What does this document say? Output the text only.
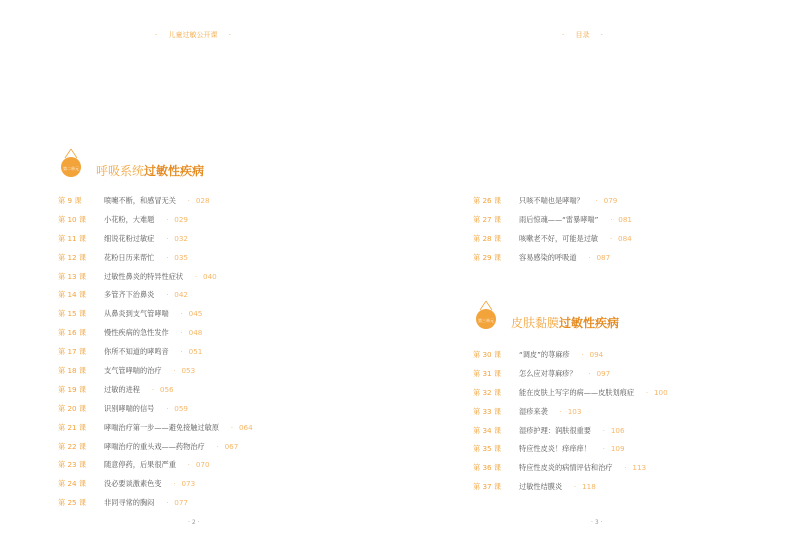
· 儿童过敏公开课 ·
第二单元	呼吸系统过敏性疾病
第 9 课	喷嚏不断，和感冒无关 · 028
第 10 课 小花粉，大难题 · 029
第 11 课 细说花粉过敏症 · 032
第 12 课 花粉日历来帮忙 · 035
第 13 课 过敏性鼻炎的特异性症状 · 040
第 14 课 多管齐下治鼻炎 · 042
第 15 课 从鼻炎到支气管哮喘 · 045
第 16 课 慢性疾病的急性发作 · 048
第 17 课 你所不知道的哮鸣音 · 051
第 18 课 支气管哮喘的治疗 · 053
第 19 课 过敏的进程 · 056
第 20 课 识别哮喘的信号 · 059
第 21 课 哮喘治疗第一步——避免接触过敏原 · 064
第 22 课 哮喘治疗的重头戏——药物治疗 · 067
第 23 课 随意停药，后果很严重 · 070
第 24 课 没必要谈激素色变 · 073
第 25 课 非同寻常的胸闷 · 077
· 2 ·
· 目录 ·
第 26 课 只咳不喘也是哮喘？ · 079
第 27 课 雨后惊魂——“雷暴哮喘” · 081
第 28 课 咳嗽老不好，可能是过敏 · 084
第 29 课 容易感染的呼吸道 · 087
第三单元	皮肤黏膜过敏性疾病
第 30 课 “调皮”的荨麻疹 · 094
第 31 课 怎么应对荨麻疹？ · 097
第 32 课 能在皮肤上写字的病——皮肤划痕症 · 100
第 33 课 湿疹来袭 · 103
第 34 课 湿疹护理：润肤很重要 · 106
第 35 课 特应性皮炎！痒痒痒！ · 109
第 36 课 特应性皮炎的病情评估和治疗 · 113
第 37 课 过敏性结膜炎 · 118
· 3 ·
